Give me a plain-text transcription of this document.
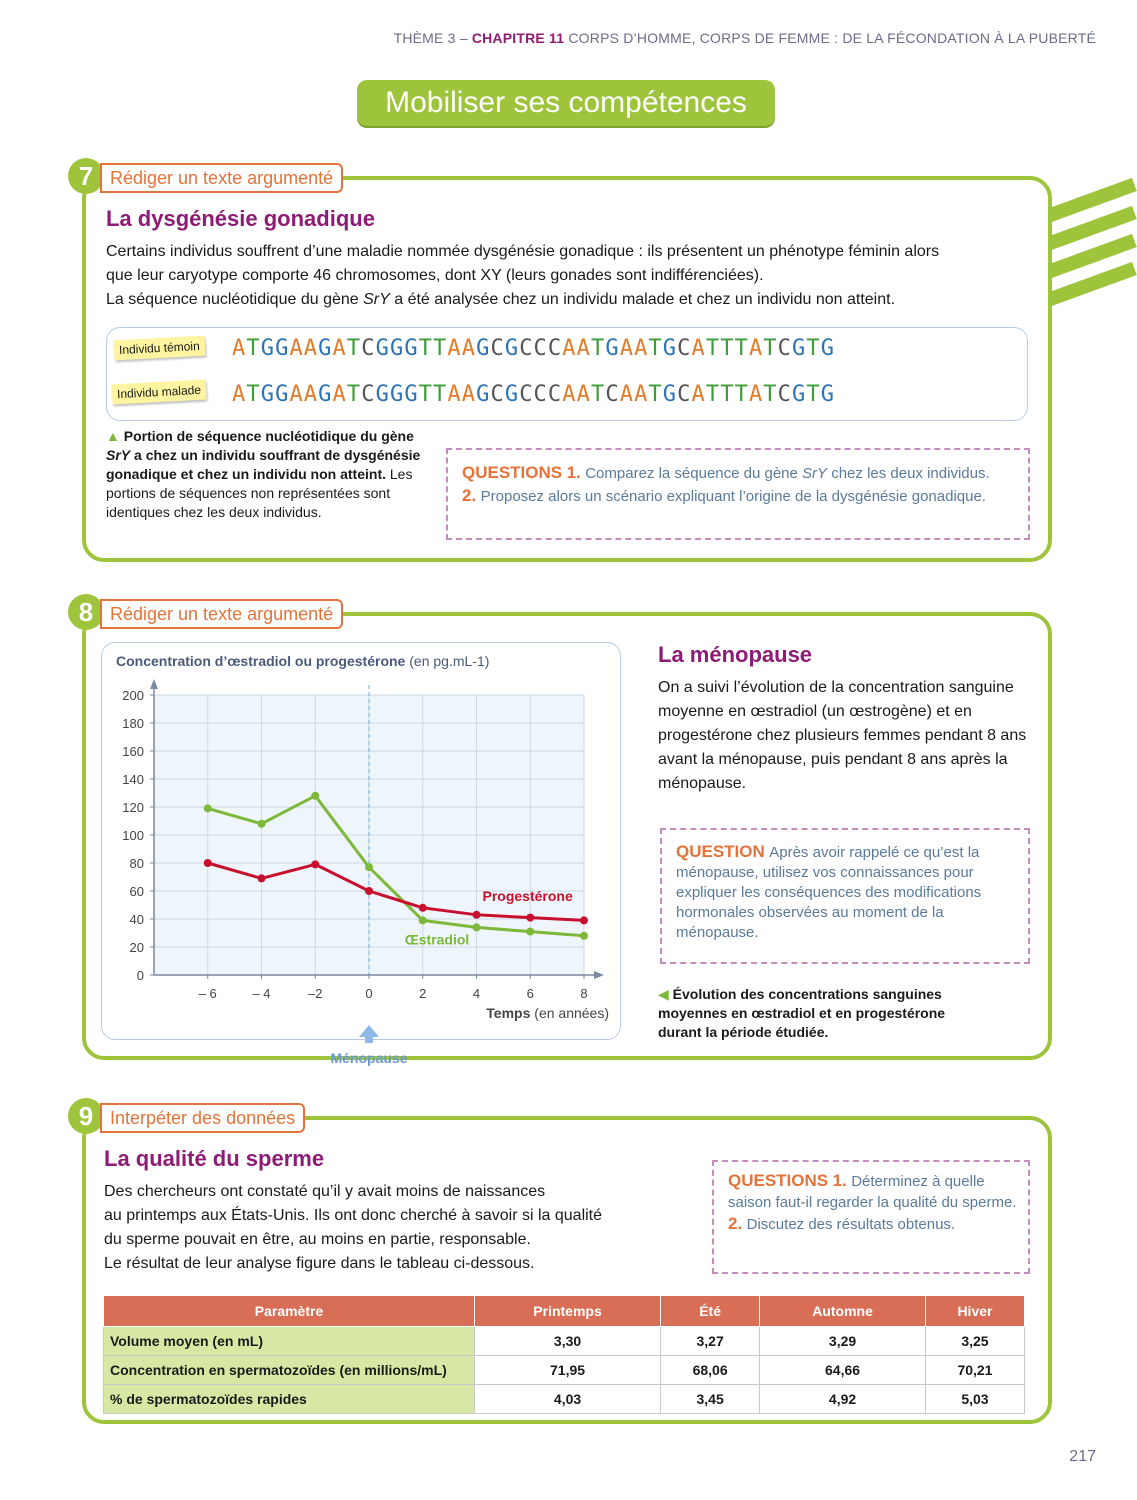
THÈME 3 – CHAPITRE 11 CORPS D’HOMME, CORPS DE FEMME : DE LA FÉCONDATION À LA PUBERTÉ
Mobiliser ses compétences
7 Rédiger un texte argumenté
La dysgénésie gonadique
Certains individus souffrent d’une maladie nommée dysgénésie gonadique : ils présentent un phénotype féminin alors
que leur caryotype comporte 46 chromosomes, dont XY (leurs gonades sont indifférenciées).
La séquence nucléotidique du gène SrY a été analysée chez un individu malade et chez un individu non atteint.
Individu témoin
Individu malade
ATGGAAGATCGGGTTAAGCGCCCAATGAATGCATTTATCGTG
ATGGAAGATCGGGTTAAGCGCCCAATCAATGCATTTATCGTG
▲ Portion de séquence nucléotidique du gène SrY a chez un individu souffrant de dysgénésie gonadique et chez un individu non atteint. Les portions de séquences non représentées sont identiques chez les deux individus.
QUESTIONS 1. Comparez la séquence du gène SrY chez les deux individus.
2. Proposez alors un scénario expliquant l’origine de la dysgénésie gonadique.
8 Rédiger un texte argumenté
Concentration d’œstradiol ou progestérone (en pg.mL-1)
0
20
40
60
80
100
120
140
160
180
200
Ménopause
– 6	– 4	–2	0	2	4	6	8
Temps (en années)
Œstradiol
Progestérone
La ménopause
On a suivi l’évolution de la concentration sanguine moyenne en œstradiol (un œstrogène) et en progestérone chez plusieurs femmes pendant 8 ans avant la ménopause, puis pendant 8 ans après la ménopause.
QUESTION Après avoir rappelé ce qu’est la ménopause, utilisez vos connaissances pour expliquer les conséquences des modifications hormonales observées au moment de la ménopause.
◀ Évolution des concentrations sanguines moyennes en œstradiol et en progestérone durant la période étudiée.
9 Interpéter des données
La qualité du sperme
Des chercheurs ont constaté qu’il y avait moins de naissances
au printemps aux États-Unis. Ils ont donc cherché à savoir si la qualité
du sperme pouvait en être, au moins en partie, responsable.
Le résultat de leur analyse figure dans le tableau ci-dessous.
QUESTIONS 1. Déterminez à quelle saison faut-il regarder la qualité du sperme.
2. Discutez des résultats obtenus.
Paramètre	Printemps	Été	Automne	Hiver
Volume moyen (en mL)	3,30	3,27	3,29	3,25
Concentration en spermatozoïdes (en millions/mL)	71,95	68,06	64,66	70,21
% de spermatozoïdes rapides	4,03	3,45	4,92	5,03
217
